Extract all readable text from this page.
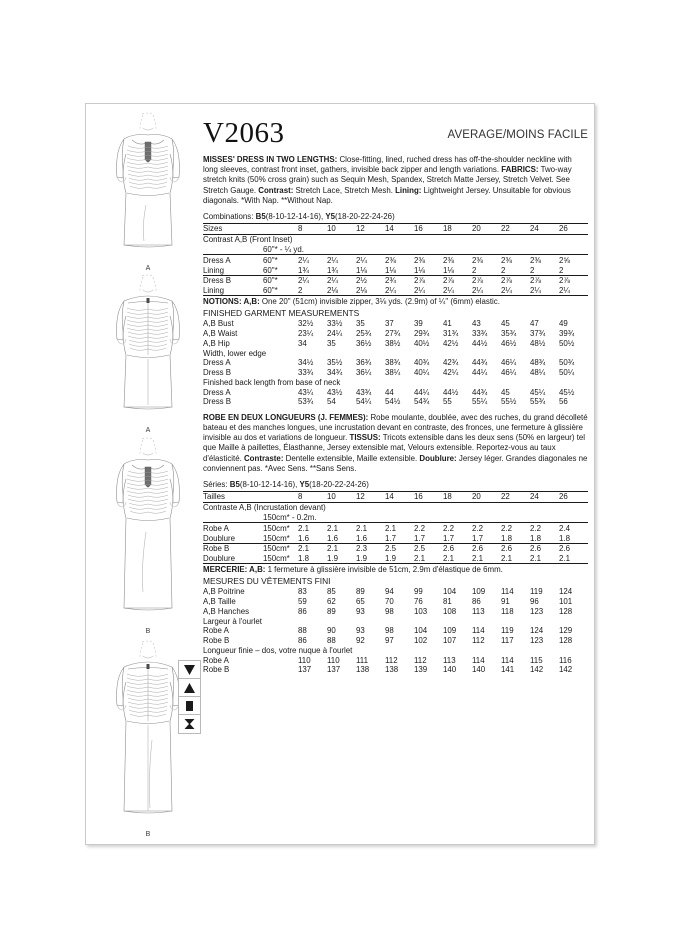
A
A
B
B
V2063	AVERAGE/MOINS FACILE

MISSES' DRESS IN TWO LENGTHS: Close-fitting, lined, ruched dress has off-the-shoulder neckline with long sleeves, contrast front inset, gathers, invisible back zipper and length variations. FABRICS: Two-way stretch knits (50% cross grain) such as Sequin Mesh, Spandex, Stretch Matte Jersey, Stretch Velvet. See Stretch Gauge. Contrast: Stretch Lace, Stretch Mesh. Lining: Lightweight Jersey. Unsuitable for obvious diagonals. *With Nap. **Without Nap.

Combinations: B5(8-10-12-14-16), Y5(18-20-22-24-26)

Sizes		8	10	12	14	16	18	20	22	24	26
Contrast A,B (Front Inset)											
	60"* - ¼ yd.										
Dress A	60"*	2¼	2¼	2¼	2⅜	2⅜	2⅜	2⅜	2⅜	2⅜	2⅝
Lining	60"*	1¾	1¾	1⅛	1⅛	1⅛	1⅛	2	2	2	2
Dress B	60"*	2¼	2¼	2½	2¾	2⅞	2⅞	2⅞	2⅞	2⅞	2⅞
Lining	60"*	2	2⅛	2⅛	2¼	2¼	2¼	2¼	2¼	2¼	2¼
NOTIONS: A,B: One 20" (51cm) invisible zipper, 3⅛ yds. (2.9m) of ¼" (6mm) elastic.
FINISHED GARMENT MEASUREMENTS											
A,B Bust		32½	33½	35	37	39	41	43	45	47	49
A,B Waist		23¼	24¼	25¾	27¾	29¾	31¾	33¾	35¾	37¾	39¾
A,B Hip		34	35	36½	38½	40½	42½	44½	46½	48½	50½
Width, lower edge											
Dress A		34½	35½	36¾	38¾	40¾	42¾	44¾	46¼	48¾	50¾
Dress B		33¾	34¾	36¼	38¼	40¼	42¼	44¼	46¼	48¼	50¼
Finished back length from base of neck											
Dress A		43¼	43½	43¾	44	44¼	44½	44¾	45	45¼	45½
Dress B		53¾	54	54¼	54½	54¾	55	55¼	55½	55¾	56

ROBE EN DEUX LONGUEURS (J. FEMMES): Robe moulante, doublée, avec des ruches, du grand décolleté bateau et des manches longues, une incrustation devant en contraste, des fronces, une fermeture à glissière invisible au dos et variations de longueur. TISSUS: Tricots extensible dans les deux sens (50% en largeur) tel que Maille à paillettes, Élasthanne, Jersey extensible mat, Velours extensible. Reportez-vous au taux d'élasticité. Contraste: Dentelle extensible, Maille extensible. Doublure: Jersey léger. Grandes diagonales ne conviennent pas. *Avec Sens. **Sans Sens.

Séries: B5(8-10-12-14-16), Y5(18-20-22-24-26)

Tailles		8	10	12	14	16	18	20	22	24	26
Contraste A,B (Incrustation devant)											
	150cm* - 0.2m.										
Robe A	150cm*	2.1	2.1	2.1	2.1	2.2	2.2	2.2	2.2	2.2	2.4
Doublure	150cm*	1.6	1.6	1.6	1.7	1.7	1.7	1.7	1.8	1.8	1.8
Robe B	150cm*	2.1	2.1	2.3	2.5	2.5	2.6	2.6	2.6	2.6	2.6
Doublure	150cm*	1.8	1.9	1.9	1.9	2.1	2.1	2.1	2.1	2.1	2.1
MERCERIE: A,B: 1 fermeture à glissière invisible de 51cm, 2.9m d'élastique de 6mm.
MESURES DU VÊTEMENTS FINI											
A,B Poitrine		83	85	89	94	99	104	109	114	119	124
A,B Taille		59	62	65	70	76	81	86	91	96	101
A,B Hanches		86	89	93	98	103	108	113	118	123	128
Largeur à l'ourlet											
Robe A		88	90	93	98	104	109	114	119	124	129
Robe B		86	88	92	97	102	107	112	117	123	128
Longueur finie – dos, votre nuque à l'ourlet											
Robe A		110	110	111	112	112	113	114	114	115	116
Robe B		137	137	138	138	139	140	140	141	142	142
